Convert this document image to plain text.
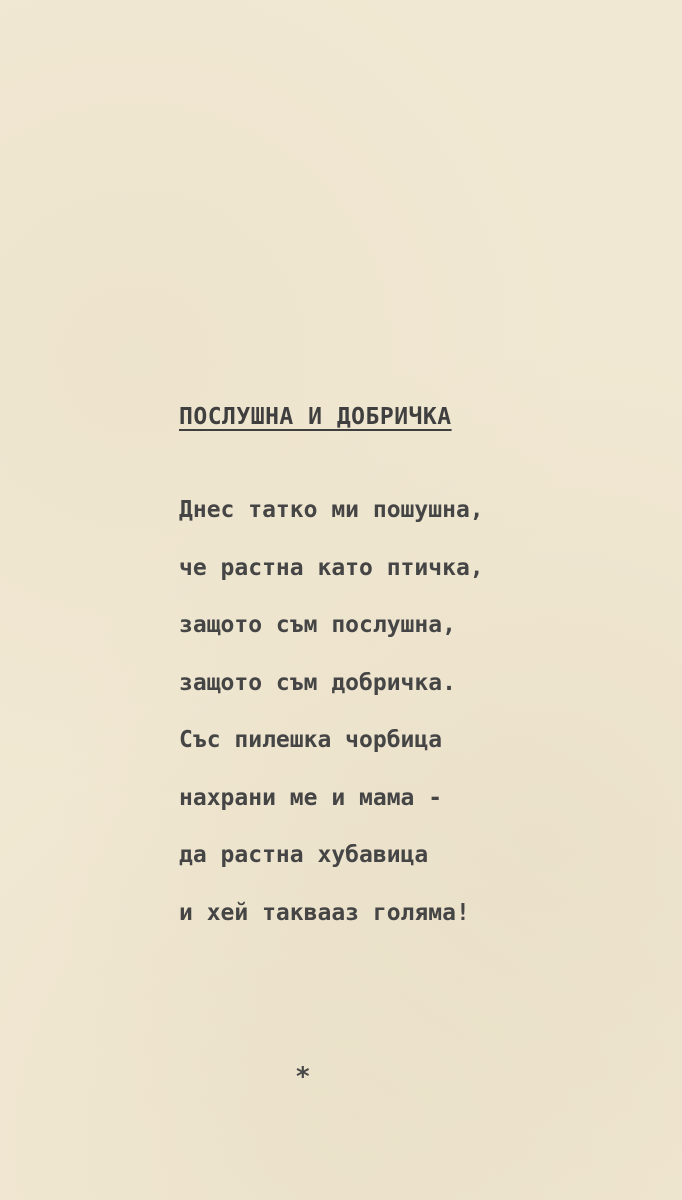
ПОСЛУШНА И ДОБРИЧКА
Днес татко ми пошушна,
че растна като птичка,
защото съм послушна,
защото съм добричка.
Със пилешка чорбица
нахрани ме и мама -
да растна хубавица
и хей таквааз голяма!
*
